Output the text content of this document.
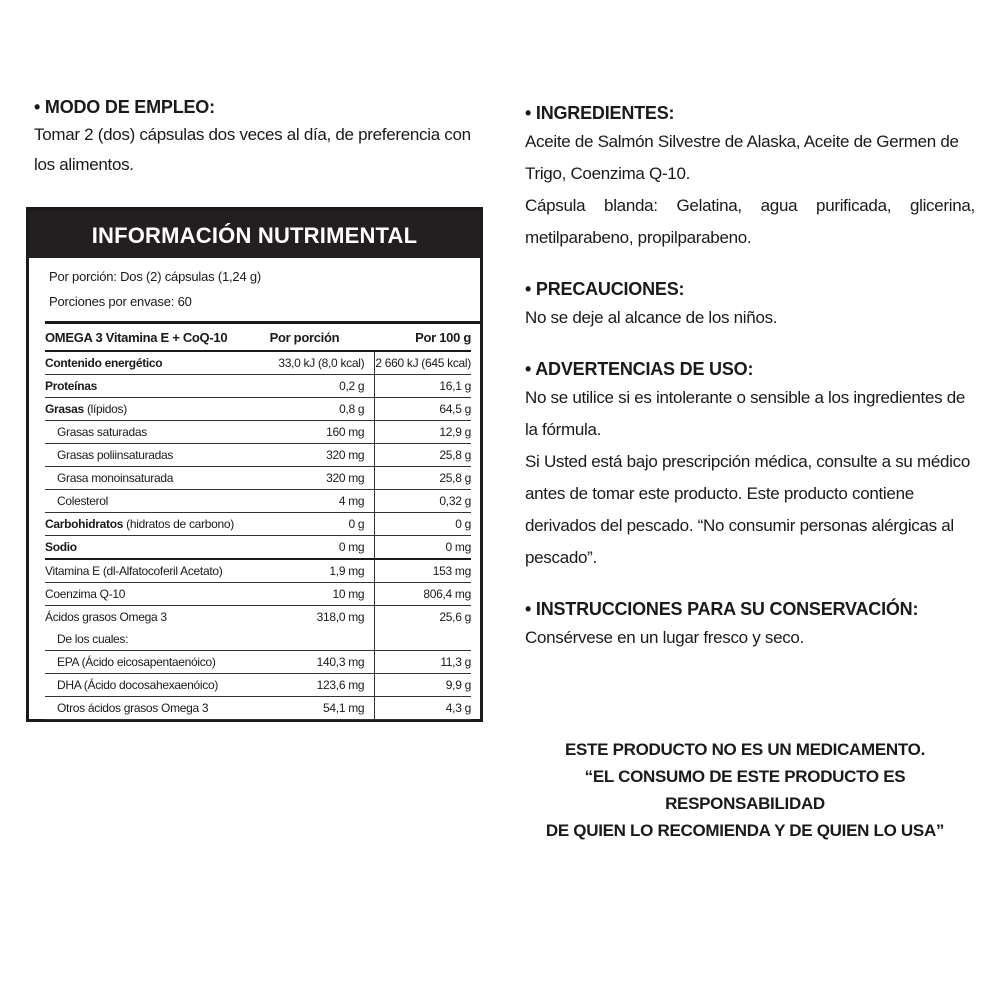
• MODO DE EMPLEO:

Tomar 2 (dos) cápsulas dos veces al día, de preferencia con los alimentos.

INFORMACIÓN NUTRIMENTAL
Por porción: Dos (2) cápsulas (1,24 g)
Porciones por envase: 60
OMEGA 3 Vitamina E + CoQ-10	Por porción	Por 100 g
Contenido energético	33,0 kJ (8,0 kcal)	2 660 kJ (645 kcal)
Proteínas	0,2 g	16,1 g
Grasas (lípidos)	0,8 g	64,5 g
Grasas saturadas	160 mg	12,9 g
Grasas poliinsaturadas	320 mg	25,8 g
Grasa monoinsaturada	320 mg	25,8 g
Colesterol	4 mg	0,32 g
Carbohidratos (hidratos de carbono)	0 g	0 g
Sodio	0 mg	0 mg
Vitamina E (dl-Alfatocoferil Acetato)	1,9 mg	153 mg
Coenzima Q-10	10 mg	806,4 mg
Ácidos grasos Omega 3	318,0 mg	25,6 g
De los cuales:		
EPA (Ácido eicosapentaenóico)	140,3 mg	11,3 g
DHA (Ácido docosahexaenóico)	123,6 mg	9,9 g
Otros ácidos grasos Omega 3	54,1 mg	4,3 g

• INGREDIENTES:

Aceite de Salmón Silvestre de Alaska, Aceite de Germen de Trigo, Coenzima Q-10.

Cápsula blanda: Gelatina, agua purificada, glicerina, metilparabeno, propilparabeno.

• PRECAUCIONES:

No se deje al alcance de los niños.

• ADVERTENCIAS DE USO:

No se utilice si es intolerante o sensible a los ingredientes de la fórmula.

Si Usted está bajo prescripción médica, consulte a su médico antes de tomar este producto. Este producto contiene derivados del pescado. “No consumir personas alérgicas al pescado”.

• INSTRUCCIONES PARA SU CONSERVACIÓN:

Consérvese en un lugar fresco y seco.

ESTE PRODUCTO NO ES UN MEDICAMENTO.
“EL CONSUMO DE ESTE PRODUCTO ES RESPONSABILIDAD
DE QUIEN LO RECOMIENDA Y DE QUIEN LO USA”
